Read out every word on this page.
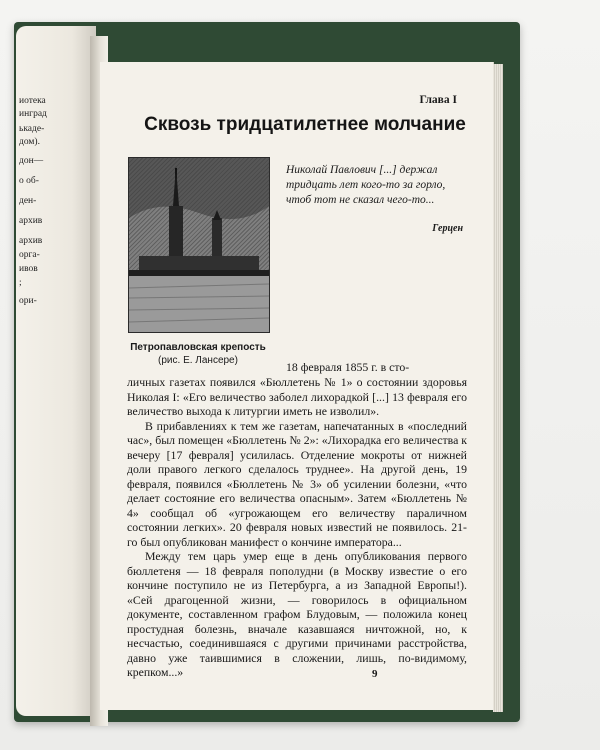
иотека
инград
ькаде-
дом).
дон—
о об-
ден-
архив
архив
орга-
ивов
;
ори-
Глава I
Сквозь тридцатилетнее молчание
Петропавловская крепость
(рис. Е. Лансере)
Николай Павлович [...] держал тридцать лет кого-то за горло, чтоб тот не сказал чего-то...
Герцен
18 февраля 1855 г. в сто-

личных газетах появился «Бюллетень № 1» о состоянии здоровья Николая I: «Его величество заболел лихорадкой [...] 13 февраля его величество выхода к литургии иметь не изволил».

В прибавлениях к тем же газетам, напечатанных в «последний час», был помещен «Бюллетень № 2»: «Лихорадка его величества к вечеру [17 февраля] усилилась. Отделение мокроты от нижней доли правого легкого сделалось труднее». На другой день, 19 февраля, появился «Бюллетень № 3» об усилении болезни, «что делает состояние его величества опасным». Затем «Бюллетень № 4» сообщал об «угрожающем его величеству параличном состоянии легких». 20 февраля новых известий не появилось. 21-го был опубликован манифест о кончине императора...

Между тем царь умер еще в день опубликования первого бюллетеня — 18 февраля пополудни (в Москву известие о его кончине поступило не из Петербурга, а из Западной Европы!). «Сей драгоценной жизни, — говорилось в официальном документе, составленном графом Блудовым, — положила конец простудная болезнь, вначале казавшаяся ничтожной, но, к несчастью, соединившаяся с другими причинами расстройства, давно уже таившимися в сложении, лишь, по-видимому, крепком...»	9
